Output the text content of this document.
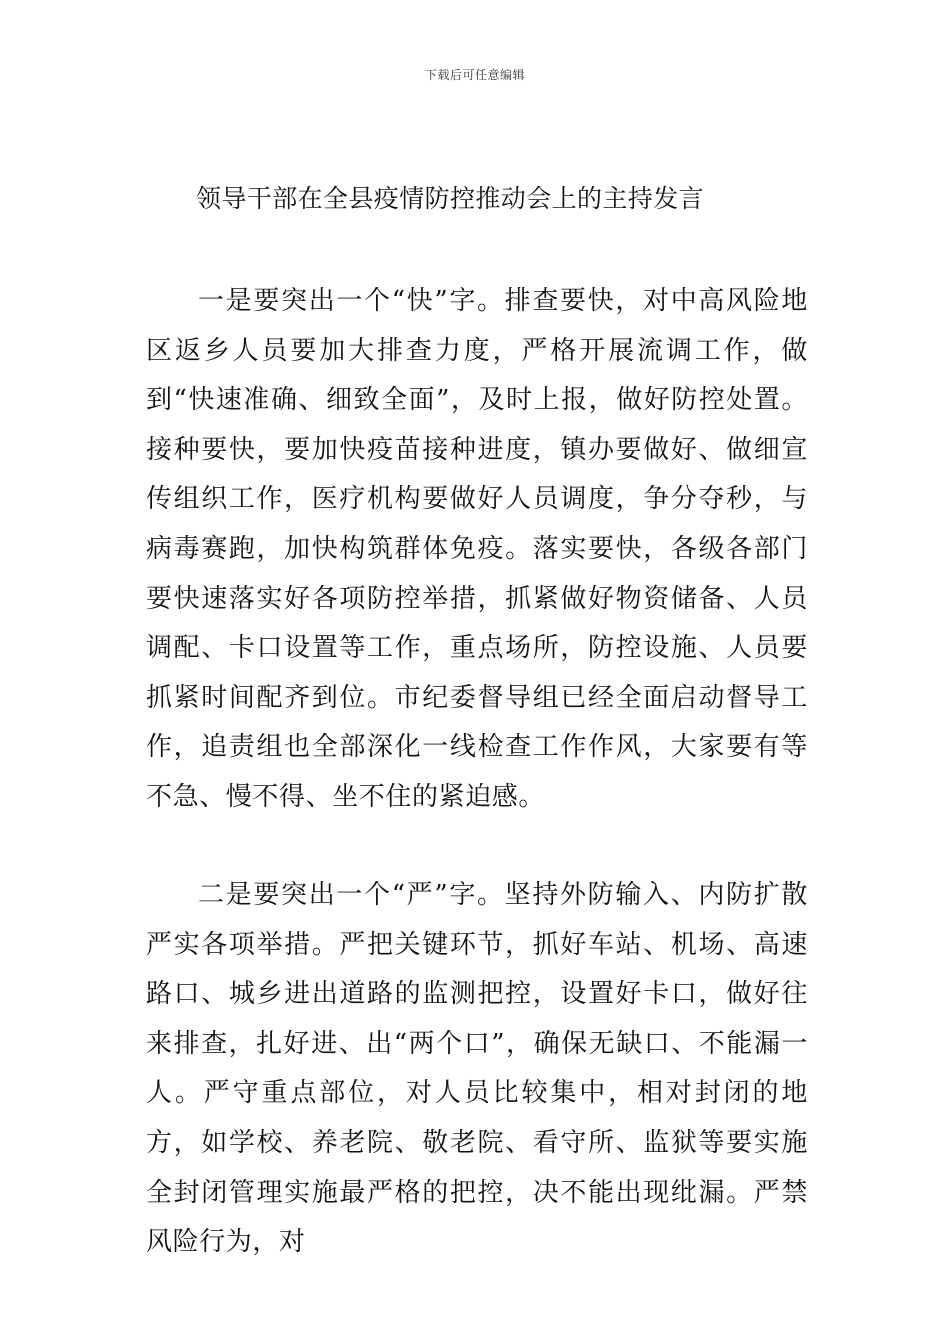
下载后可任意编辑
领导干部在全县疫情防控推动会上的主持发言

一是要突出一个“快”字。排查要快，对中高风险地区返乡人员要加大排查力度，严格开展流调工作，做到“快速准确、细致全面”，及时上报，做好防控处置。接种要快，要加快疫苗接种进度，镇办要做好、做细宣传组织工作，医疗机构要做好人员调度，争分夺秒，与病毒赛跑，加快构筑群体免疫。落实要快，各级各部门要快速落实好各项防控举措，抓紧做好物资储备、人员调配、卡口设置等工作，重点场所，防控设施、人员要抓紧时间配齐到位。市纪委督导组已经全面启动督导工作，追责组也全部深化一线检查工作作风，大家要有等不急、慢不得、坐不住的紧迫感。

二是要突出一个“严”字。坚持外防输入、内防扩散严实各项举措。严把关键环节，抓好车站、机场、高速路口、城乡进出道路的监测把控，设置好卡口，做好往来排查，扎好进、出“两个口”，确保无缺口、不能漏一人。严守重点部位，对人员比较集中，相对封闭的地方，如学校、养老院、敬老院、看守所、监狱等要实施全封闭管理实施最严格的把控，决不能出现纰漏。严禁风险行为，对
